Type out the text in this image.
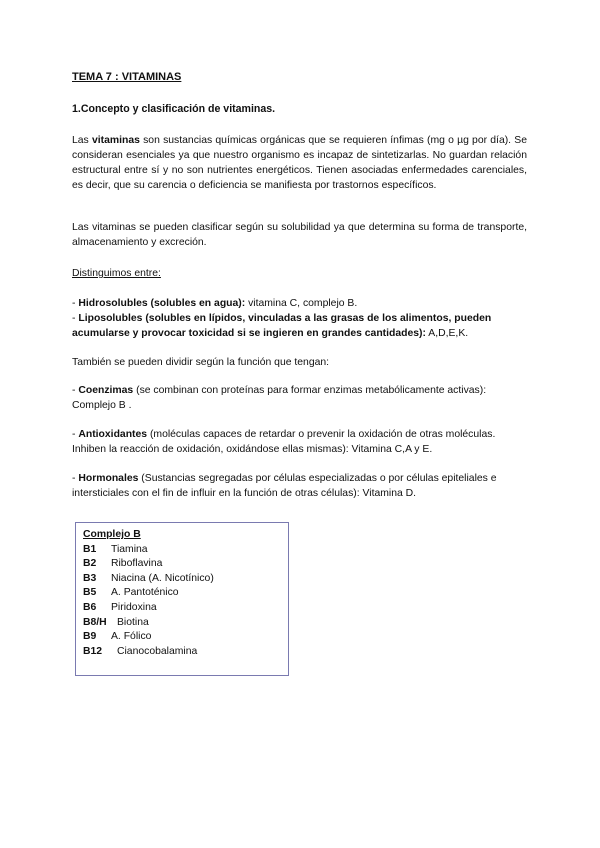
TEMA 7 : VITAMINAS

1.Concepto y clasificación de vitaminas.

Las vitaminas son sustancias químicas orgánicas que se requieren ínfimas (mg o µg por día). Se consideran esenciales ya que nuestro organismo es incapaz de sintetizarlas. No guardan relación estructural entre sí y no son nutrientes energéticos. Tienen asociadas enfermedades carenciales, es decir, que su carencia o deficiencia se manifiesta por trastornos específicos.

Las vitaminas se pueden clasificar según su solubilidad ya que determina su forma de transporte, almacenamiento y excreción.

Distinguimos entre:

- Hidrosolubles (solubles en agua): vitamina C, complejo B.

- Liposolubles (solubles en lípidos, vinculadas a las grasas de los alimentos, pueden acumularse y provocar toxicidad si se ingieren en grandes cantidades): A,D,E,K.

También se pueden dividir según la función que tengan:

- Coenzimas (se combinan con proteínas para formar enzimas metabólicamente activas): Complejo B .

- Antioxidantes (moléculas capaces de retardar o prevenir la oxidación de otras moléculas. Inhiben la reacción de oxidación, oxidándose ellas mismas): Vitamina C,A y E.

- Hormonales (Sustancias segregadas por células especializadas o por células epiteliales e intersticiales con el fin de influir en la función de otras células): Vitamina D.

Complejo B
B1 Tiamina
B2 Riboflavina
B3 Niacina (A. Nicotínico)
B5 A. Pantoténico
B6 Piridoxina
B8/H Biotina
B9 A. Fólico
B12 Cianocobalamina
